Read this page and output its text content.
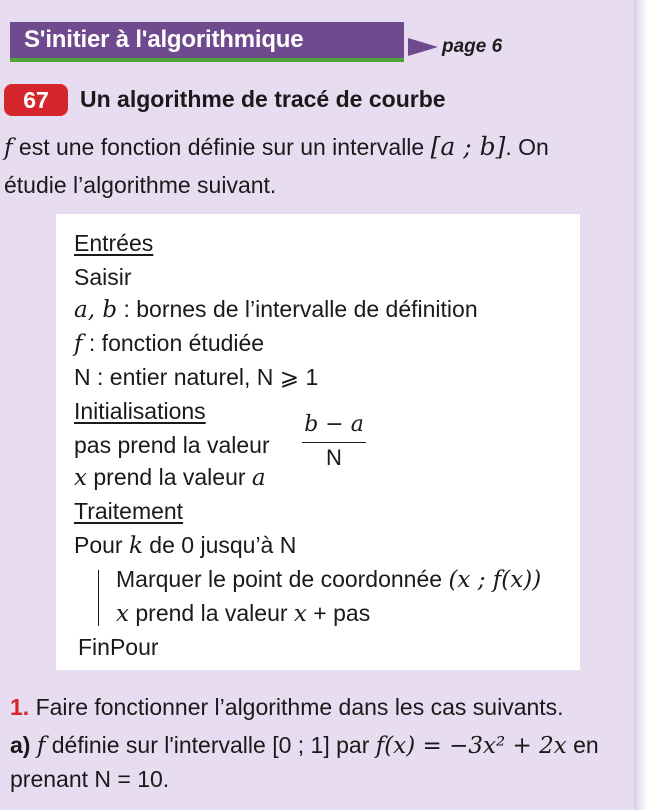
S'initier à l'algorithmique	page 6
67	Un algorithme de tracé de courbe
f est une fonction définie sur un intervalle [a ; b]. On
étudie l’algorithme suivant.
Entrées
Saisir
a, b : bornes de l’intervalle de définition
f : fonction étudiée
N : entier naturel, N ⩾ 1
Initialisations
pas prend la valeur
b − a
N
x prend la valeur a
Traitement
Pour k de 0 jusqu’à N
Marquer le point de coordonnée (x ; f(x))
x prend la valeur x + pas
FinPour
1. Faire fonctionner l’algorithme dans les cas suivants.
a) f définie sur l'intervalle [0 ; 1] par f(x) = −3x² + 2x en
prenant N = 10.
